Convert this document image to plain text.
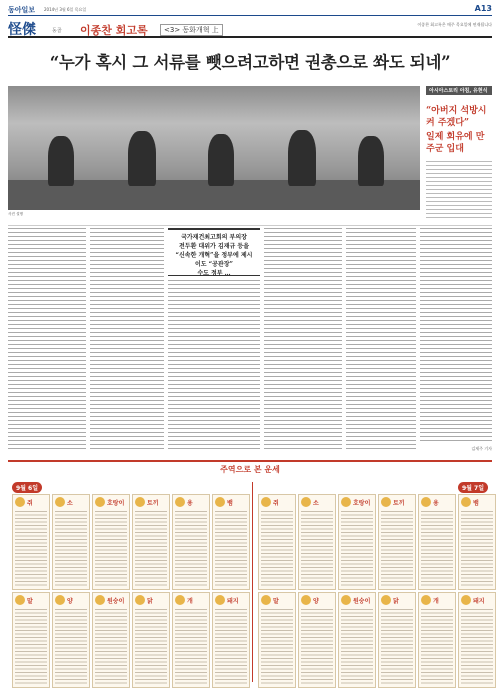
동아일보 2014년 3월 6일 목요일	A13
怪傑	동골 이종찬 회고록	<3> 동화개혁 上
이종찬 회고록은 매주 목요일에 연재됩니다
“누가 혹시 그 서류를 뺏으려고하면 권총으로 쏴도 되네”
아시아스토리 아침, 유현식
“아버지 석방시켜 주겠다”
일제 회유에 만주군 입대
사진 설명
국가재건최고회의 부의장
전두환 대위가 김재규 등을
“신속한 개혁”을 정부에 제시
이도 “공관장”
수도 정부 …
김제주 기자
주역으로 본 운세
9월 6일	9월 7일
쥐	소	호랑이	토끼	용	뱀
말	양	원숭이	닭	개	돼지
쥐	소	호랑이	토끼	용	뱀
말	양	원숭이	닭	개	돼지
